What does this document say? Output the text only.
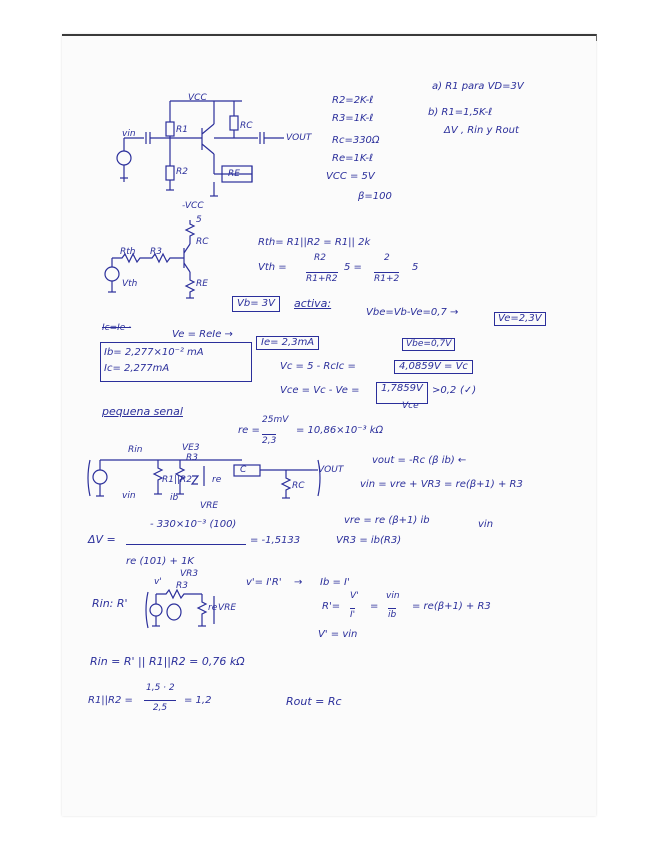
VCC
vin	R1
R2
RC
RE
VOUT
-VCC
R2=2K-ℓ
R3=1K-ℓ
Rc=330Ω
Re=1K-ℓ
VCC = 5V
β=100
a) R1 para VD=3V
b) R1=1,5K-ℓ
ΔV , Rin y Rout
Rth R3
RC
RE
Vth
5
Rth= R1||R2 = R1|| 2k
Vth =
R2
R1+R2
5 =
2
R1+2
5
Vb= 3V	activa:
Vbe=Vb-Ve=0,7 →
Ve=2,3V
Ic=Ie ·
Ve = ReIe →
Ie= 2,3mA	Vbe=0,7V
Ib= 2,277×10⁻² mA
Ic= 2,277mA	Vc = 5 - RcIc =	4,0859V = Vc
Vce = Vc - Ve =	1,7859V
Vce
>0,2 (✓)
pequena senal
re =
25mV
2,3
= 10,86×10⁻³ kΩ
Rin	VE3
R3
R1||R2 re
C
RC
VOUT
vin	ib
VRE
vout = -Rc (β ib) ←
vin = vre + VR3 = re(β+1) + R3
vre = re (β+1) ib	vin
VR3 = ib(R3)
ΔV =
- 330×10⁻³ (100)
re (101) + 1K
= -1,5133
Rin: R'
v'
VR3
R3
re VRE
v'= I'R' → Ib = I'
R'=
V'
I'
=
vin
ib
= re(β+1) + R3
V' = vin
Rin = R' || R1||R2 = 0,76 kΩ
R1||R2 =
1,5 · 2
2,5
= 1,2	Rout = Rc
